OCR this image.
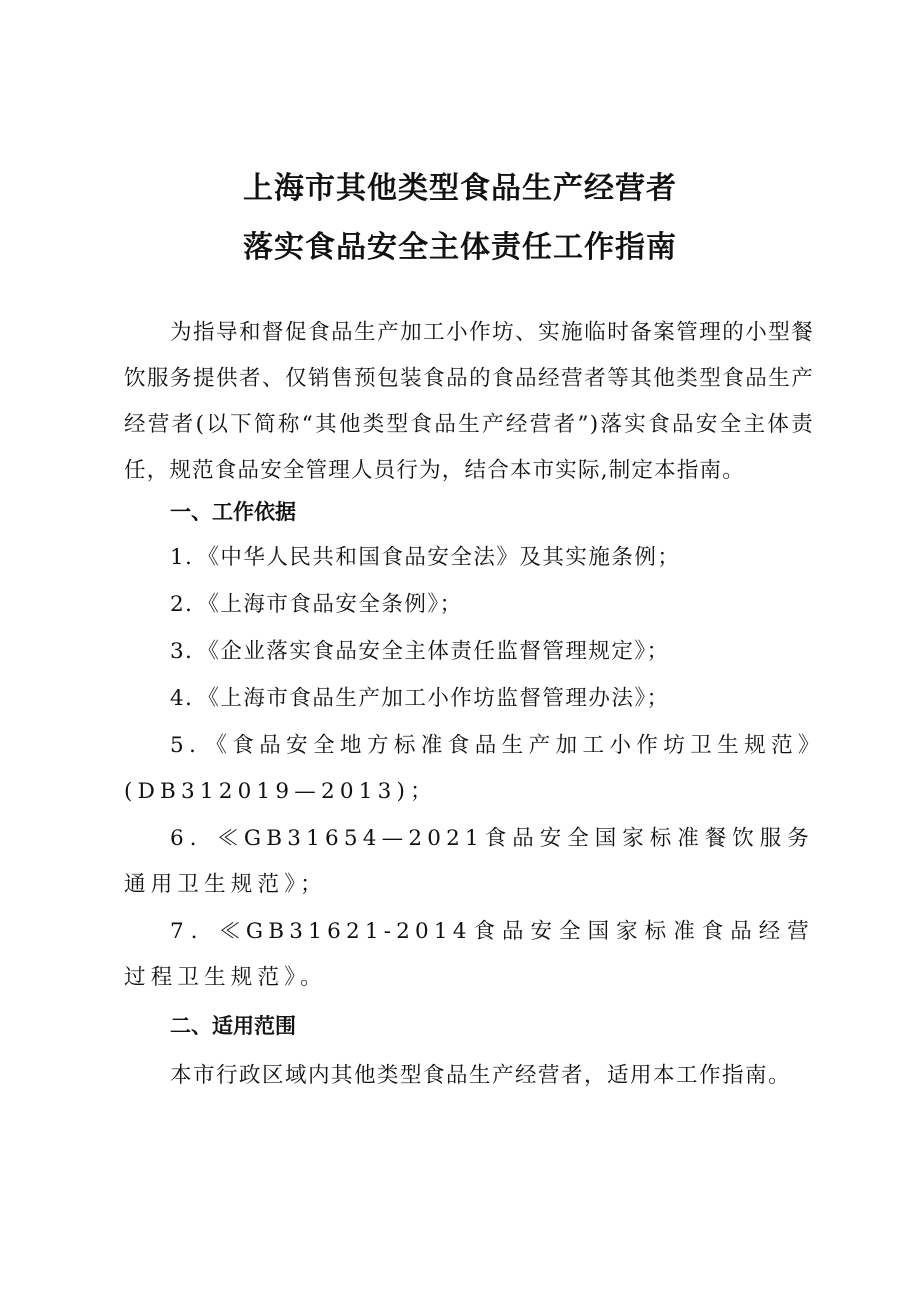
上海市其他类型食品生产经营者
落实食品安全主体责任工作指南

为指导和督促食品生产加工小作坊、实施临时备案管理的小型餐饮服务提供者、仅销售预包装食品的食品经营者等其他类型食品生产经营者(以下简称“其他类型食品生产经营者”)落实食品安全主体责任，规范食品安全管理人员行为，结合本市实际,制定本指南。

一、工作依据
1．《中华人民共和国食品安全法》及其实施条例；
2．《上海市食品安全条例》；
3．《企业落实食品安全主体责任监督管理规定》；
4．《上海市食品生产加工小作坊监督管理办法》；
5．《食品安全地方标准食品生产加工小作坊卫生规范》(DB312019—2013)；
6．≪GB31654—2021食品安全国家标准餐饮服务通用卫生规范》；
7．≪GB31621-2014食品安全国家标准食品经营过程卫生规范》。
二、适用范围
本市行政区域内其他类型食品生产经营者，适用本工作指南。
